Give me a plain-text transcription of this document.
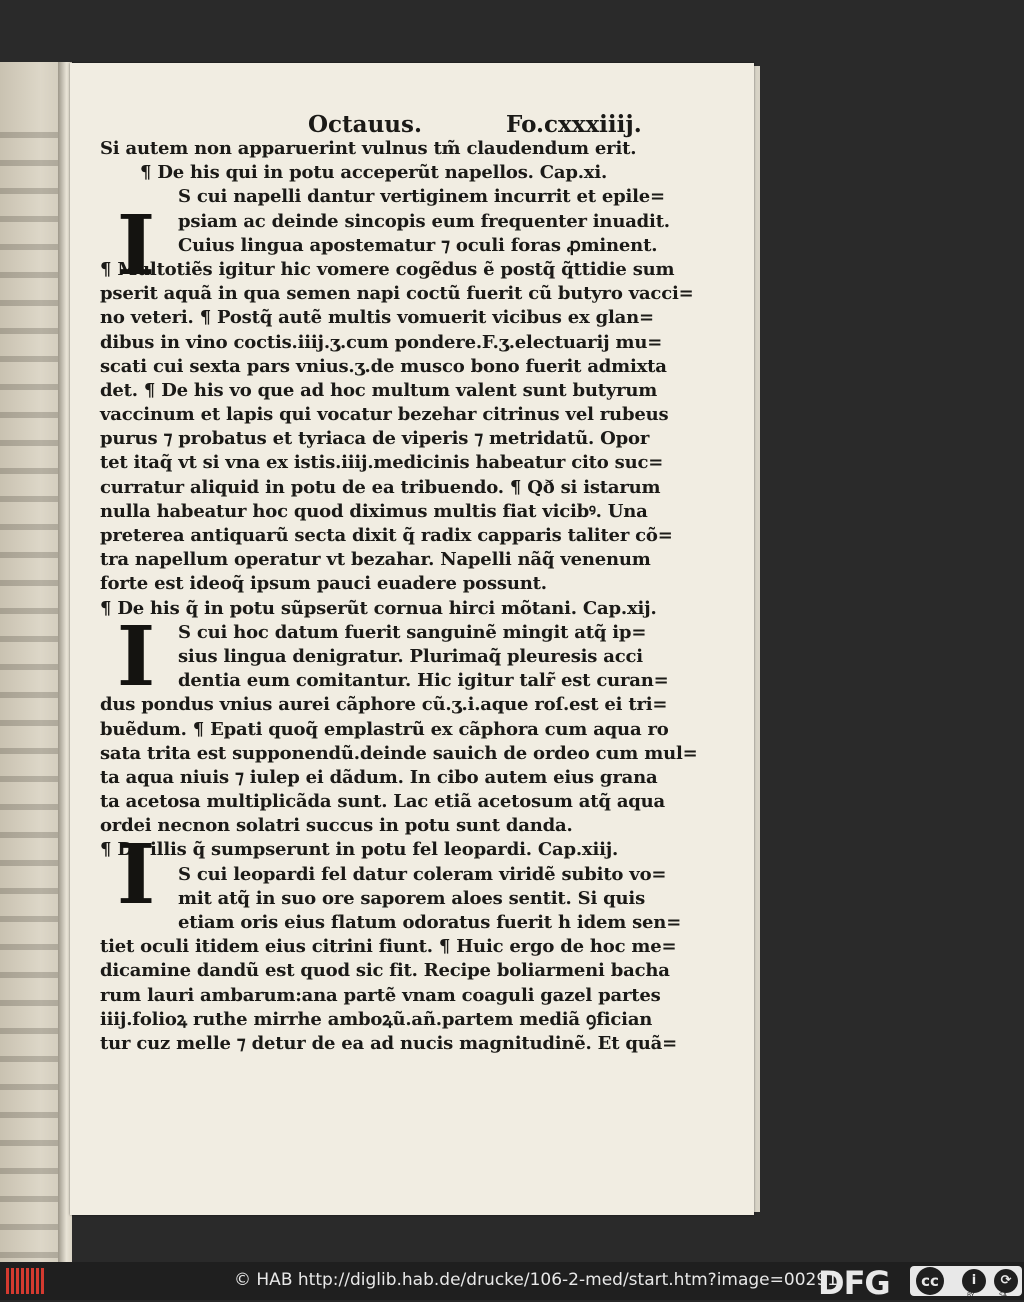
Octauus.	Fo.cxxxiiij.
I
I
I
Si autem non apparuerint vulnus tm̃ claudendum erit.
¶ De his qui in potu acceperũt napellos. Cap.xi.
S cui napelli dantur vertiginem incurrit et epile=
psiam ac deinde sincopis eum frequenter inuadit.
Cuius lingua apostematur ⁊ oculi foras ꝓminent.
¶ Multotiẽs igitur hic vomere cogẽdus ẽ postq̃ q̃ttidie sum
pserit aquã in qua semen napi coctũ fuerit cũ butyro vacci=
no veteri. ¶ Postq̃ autẽ multis vomuerit vicibus ex glan=
dibus in vino coctis.iiij.ʒ.cum pondere.F.ʒ.electuarij mu=
scati cui sexta pars vnius.ʒ.de musco bono fuerit admixta
det. ¶ De his vo que ad hoc multum valent sunt butyrum
vaccinum et lapis qui vocatur bezehar citrinus vel rubeus
purus ⁊ probatus et tyriaca de viperis ⁊ metridatũ. Opor
tet itaq̃ vt si vna ex istis.iiij.medicinis habeatur cito suc=
curratur aliquid in potu de ea tribuendo. ¶ Qð si istarum
nulla habeatur hoc quod diximus multis fiat vicibꝰ. Una
preterea antiquarũ secta dixit q̃ radix capparis taliter cõ=
tra napellum operatur vt bezahar. Napelli nãq̃ venenum
forte est ideoq̃ ipsum pauci euadere possunt.
¶ De his q̃ in potu sũpserũt cornua hirci mõtani. Cap.xij.
S cui hoc datum fuerit sanguinẽ mingit atq̃ ip=
sius lingua denigratur. Plurimaq̃ pleuresis acci
dentia eum comitantur. Hic igitur talr̃ est curan=
dus pondus vnius aurei cãphore cũ.ʒ.i.aque roſ.est ei tri=
buẽdum. ¶ Epati quoq̃ emplastrũ ex cãphora cum aqua ro
sata trita est supponendũ.deinde sauich de ordeo cum mul=
ta aqua niuis ⁊ iulep ei dãdum. In cibo autem eius grana
ta acetosa multiplicãda sunt. Lac etiã acetosum atq̃ aqua
ordei necnon solatri succus in potu sunt danda.
¶ De illis q̃ sumpserunt in potu fel leopardi. Cap.xiij.
S cui leopardi fel datur coleram viridẽ subito vo=
mit atq̃ in suo ore saporem aloes sentit. Si quis
etiam oris eius flatum odoratus fuerit h idem sen=
tiet oculi itidem eius citrini fiunt. ¶ Huic ergo de hoc me=
dicamine dandũ est quod sic fit. Recipe boliarmeni bacha
rum lauri ambarum:ana partẽ vnam coaguli gazel partes
iiij.folioꝝ ruthe mirrhe amboꝝũ.añ.partem mediã ꝯfician
tur cuz melle ⁊ detur de ea ad nucis magnitudinẽ. Et quã=
© HAB http://diglib.hab.de/drucke/106-2-med/start.htm?image=00291
DFG	cc	i	⟳
BY	SA
